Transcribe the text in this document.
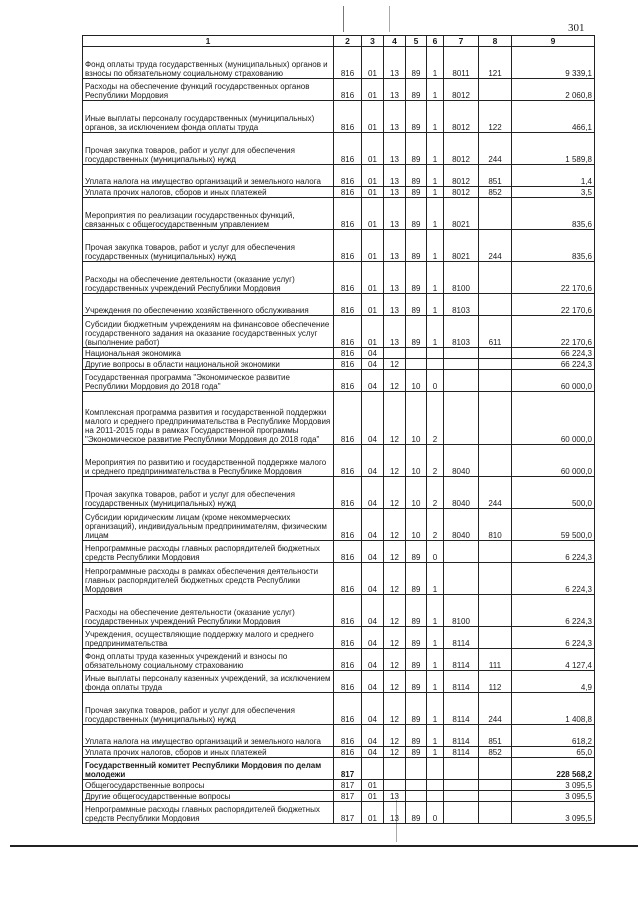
301
1	2	3	4	5	6	7	8	9
Фонд оплаты труда государственных (муниципальных) органов и взносы по обязательному социальному страхованию	816	01	13	89	1	8011	121	9 339,1
Расходы на обеспечение функций государственных органов Республики Мордовия	816	01	13	89	1	8012		2 060,8
Иные выплаты персоналу государственных (муниципальных) органов, за исключением фонда оплаты труда	816	01	13	89	1	8012	122	466,1
Прочая закупка товаров, работ и услуг для обеспечения государственных (муниципальных) нужд	816	01	13	89	1	8012	244	1 589,8
Уплата налога на имущество организаций и земельного налога	816	01	13	89	1	8012	851	1,4
Уплата прочих налогов, сборов и иных платежей	816	01	13	89	1	8012	852	3,5
Мероприятия по реализации государственных функций, связанных с общегосударственным управлением	816	01	13	89	1	8021		835,6
Прочая закупка товаров, работ и услуг для обеспечения государственных (муниципальных) нужд	816	01	13	89	1	8021	244	835,6
Расходы на обеспечение деятельности (оказание услуг) государственных учреждений Республики Мордовия	816	01	13	89	1	8100		22 170,6
Учреждения по обеспечению хозяйственного обслуживания	816	01	13	89	1	8103		22 170,6
Субсидии бюджетным учреждениям на финансовое обеспечение государственного задания на оказание государственных услуг (выполнение работ)	816	01	13	89	1	8103	611	22 170,6
Национальная экономика	816	04						66 224,3
Другие вопросы в области национальной экономики	816	04	12					66 224,3
Государственная программа "Экономическое развитие Республики Мордовия до 2018 года"	816	04	12	10	0			60 000,0
Комплексная программа развития и государственной поддержки малого и среднего предпринимательства в Республике Мордовия на 2011-2015 годы в рамках Государственной программы "Экономическое развитие Республики Мордовия до 2018 года"	816	04	12	10	2			60 000,0
Мероприятия по развитию и государственной поддержке малого и среднего предпринимательства в Республике Мордовия	816	04	12	10	2	8040		60 000,0
Прочая закупка товаров, работ и услуг для обеспечения государственных (муниципальных) нужд	816	04	12	10	2	8040	244	500,0
Субсидии юридическим лицам (кроме некоммерческих организаций), индивидуальным предпринимателям, физическим лицам	816	04	12	10	2	8040	810	59 500,0
Непрограммные расходы главных распорядителей бюджетных средств Республики Мордовия	816	04	12	89	0			6 224,3
Непрограммные расходы в рамках обеспечения деятельности главных распорядителей бюджетных средств Республики Мордовия	816	04	12	89	1			6 224,3
Расходы на обеспечение деятельности (оказание услуг) государственных учреждений Республики Мордовия	816	04	12	89	1	8100		6 224,3
Учреждения, осуществляющие поддержку малого и среднего предпринимательства	816	04	12	89	1	8114		6 224,3
Фонд оплаты труда казенных учреждений и взносы по обязательному социальному страхованию	816	04	12	89	1	8114	111	4 127,4
Иные выплаты персоналу казенных учреждений, за исключением фонда оплаты труда	816	04	12	89	1	8114	112	4,9
Прочая закупка товаров, работ и услуг для обеспечения государственных (муниципальных) нужд	816	04	12	89	1	8114	244	1 408,8
Уплата налога на имущество организаций и земельного налога	816	04	12	89	1	8114	851	618,2
Уплата прочих налогов, сборов и иных платежей	816	04	12	89	1	8114	852	65,0
Государственный комитет Республики Мордовия по делам молодежи	817							228 568,2
Общегосударственные вопросы	817	01						3 095,5
Другие общегосударственные вопросы	817	01	13					3 095,5
Непрограммные расходы главных распорядителей бюджетных средств Республики Мордовия	817	01	13	89	0			3 095,5
